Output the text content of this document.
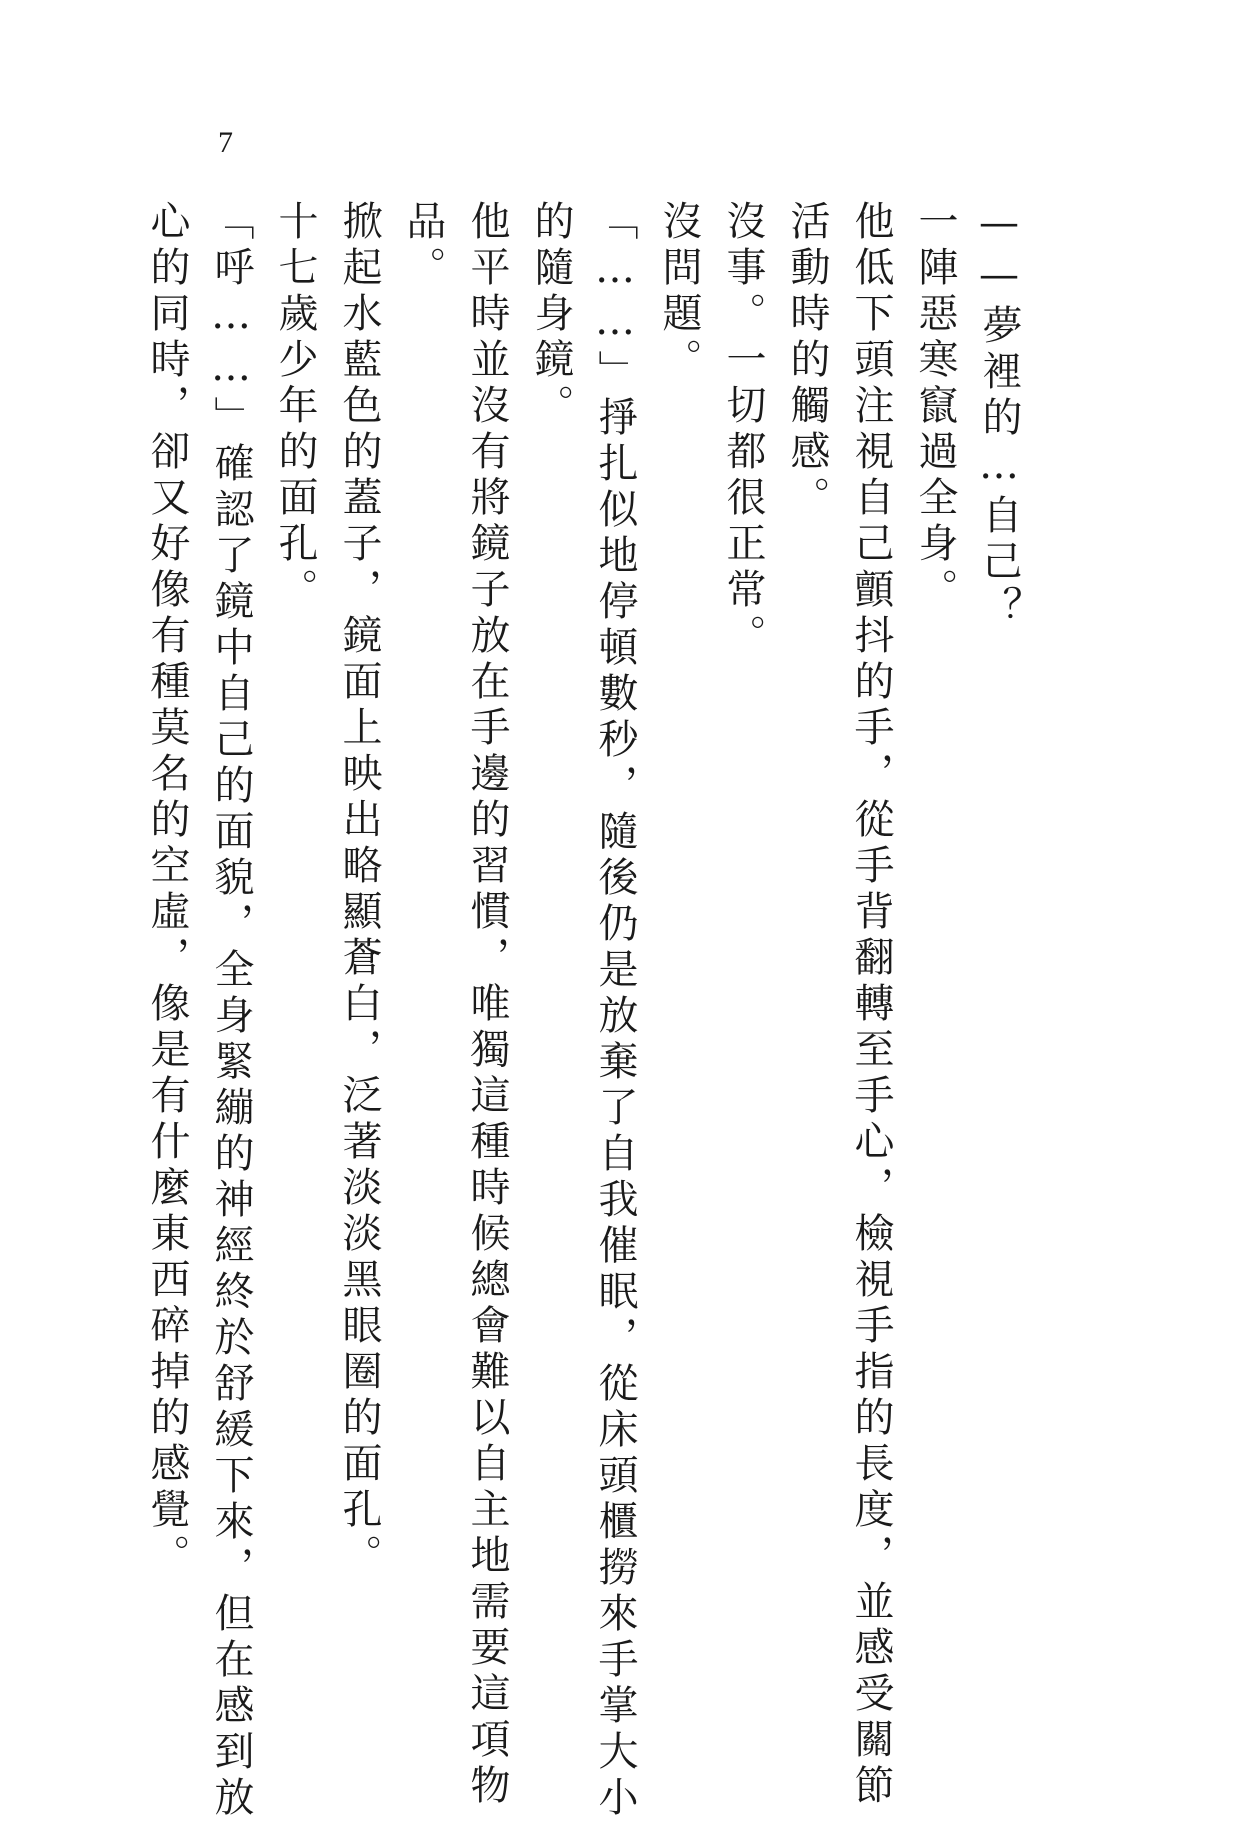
7

——夢裡的…自己？

一陣惡寒竄過全身。

他低下頭注視自己顫抖的手，從手背翻轉至手心，檢視手指的長度，並感受關節

活動時的觸感。

沒事。一切都很正常。

沒問題。

「……」掙扎似地停頓數秒，隨後仍是放棄了自我催眠，從床頭櫃撈來手掌大小

的隨身鏡。

他平時並沒有將鏡子放在手邊的習慣，唯獨這種時候總會難以自主地需要這項物

品。

掀起水藍色的蓋子，鏡面上映出略顯蒼白，泛著淡淡黑眼圈的面孔。

十七歲少年的面孔。

「呼……」確認了鏡中自己的面貌，全身緊繃的神經終於舒緩下來，但在感到放

心的同時，卻又好像有種莫名的空虛，像是有什麼東西碎掉的感覺。
